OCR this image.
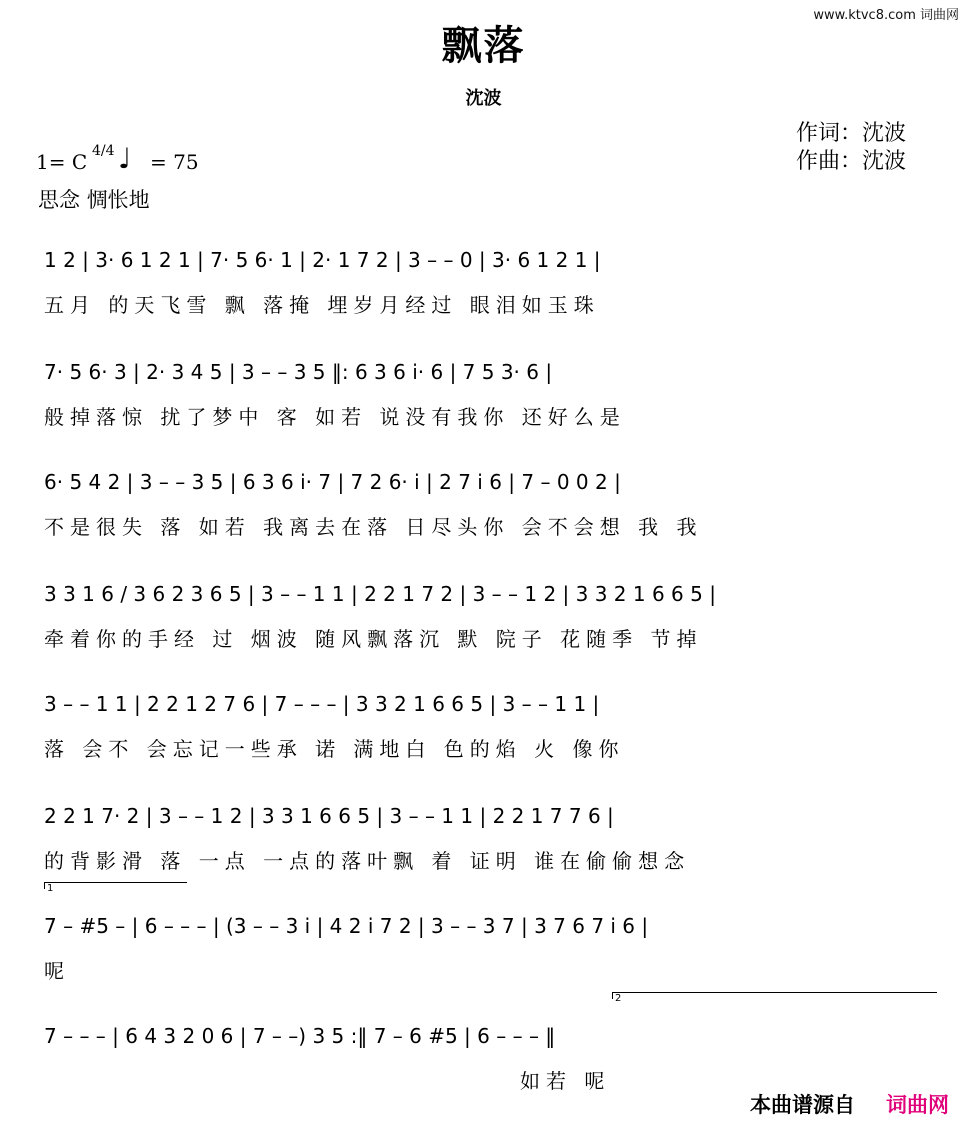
www.ktvc8.com 词曲网
飘落
沈波
作词：沈波
作曲：沈波
1= C 4/4 ♩ = 75
思念 惆怅地
1 2 | 3· 6 1 2 1 | 7· 5 6· 1 | 2· 1 7 2 | 3 – – 0 | 3· 6 1 2 1 |
五月 的天飞雪 飘 落掩 埋岁月经过 眼泪如玉珠
7· 5 6· 3 | 2· 3 4 5 | 3 – – 3 5 ‖: 6 3 6 i· 6 | 7 5 3· 6 |
般掉落惊 扰了梦中 客 如若 说没有我你 还好么是
6· 5 4 2 | 3 – – 3 5 | 6 3 6 i· 7 | 7 2 6· i | 2 7 i 6 | 7 – 0 0 2 |
不是很失 落 如若 我离去在落 日尽头你 会不会想 我 我
3 3 1 6 / 3 6 2 3 6 5 | 3 – – 1 1 | 2 2 1 7 2 | 3 – – 1 2 | 3 3 2 1 6 6 5 |
牵着你的手经 过 烟波 随风飘落沉 默 院子 花随季 节掉
3 – – 1 1 | 2 2 1 2 7 6 | 7 – – – | 3 3 2 1 6 6 5 | 3 – – 1 1 |
落 会不 会忘记一些承 诺 满地白 色的焰 火 像你
2 2 1 7· 2 | 3 – – 1 2 | 3 3 1 6 6 5 | 3 – – 1 1 | 2 2 1 7 7 6 |
的背影滑 落 一点 一点的落叶飘 着 证明 谁在偷偷想念
1
7 – #5 – | 6 – – – | (3 – – 3 i | 4 2 i 7 2 | 3 – – 3 7 | 3 7 6 7 i 6 |
呢
2
7 – – – | 6 4 3 2 0 6 | 7 – –) 3 5 :‖ 7 – 6 #5 | 6 – – – ‖
如若 呢
本曲谱源自 词曲网
